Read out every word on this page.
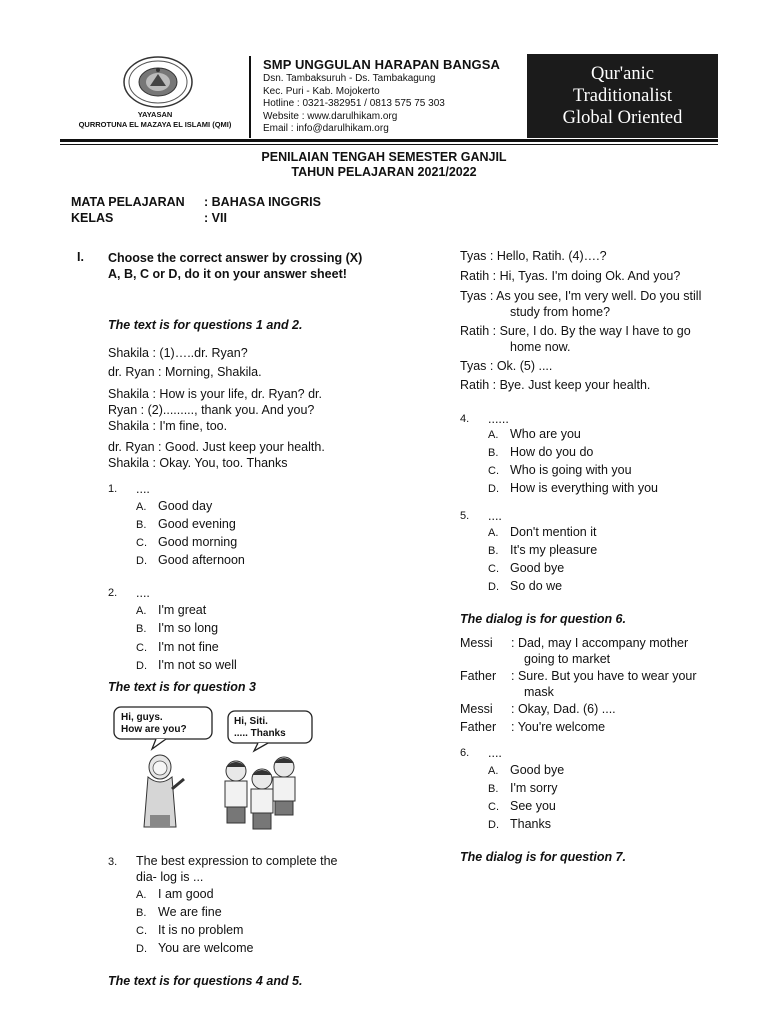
YAYASAN
QURROTUNA EL MAZAYA EL ISLAMI (QMI)
SMP UNGGULAN HARAPAN BANGSA
Dsn. Tambaksuruh - Ds. Tambakagung
Kec. Puri - Kab. Mojokerto
Hotline : 0321-382951 / 0813 575 75 303
Website : www.darulhikam.org
Email : info@darulhikam.org
Qur'anic
Traditionalist
Global Oriented
PENILAIAN TENGAH SEMESTER GANJIL
TAHUN PELAJARAN 2021/2022
MATA PELAJARAN : BAHASA INGGRIS
KELAS	: VII
I. Choose the correct answer by crossing (X) A, B, C or D, do it on your answer sheet!
The text is for questions 1 and 2.
Shakila : (1)…..dr. Ryan?
dr. Ryan : Morning, Shakila.
Shakila : How is your life, dr. Ryan? dr.
Ryan : (2)........., thank you. And you?
Shakila : I'm fine, too.
dr. Ryan : Good. Just keep your health.
Shakila : Okay. You, too. Thanks
1. ....
A. Good day
B. Good evening
C. Good morning
D. Good afternoon
2. ....
A. I'm great
B. I'm so long
C. I'm not fine
D. I'm not so well
The text is for question 3
Hi, guys.
How are you?
Hi, Siti.
..... Thanks
3. The best expression to complete the
dia- log is ...
A. I am good
B. We are fine
C. It is no problem
D. You are welcome
The text is for questions 4 and 5.
Tyas : Hello, Ratih. (4)….?
Ratih : Hi, Tyas. I'm doing Ok. And you?
Tyas : As you see, I'm very well. Do you still
study from home?
Ratih : Sure, I do. By the way I have to go
home now.
Tyas : Ok. (5) ....
Ratih : Bye. Just keep your health.
4. ......
A. Who are you
B. How do you do
C. Who is going with you
D. How is everything with you
5. ....
A. Don't mention it
B. It's my pleasure
C. Good bye
D. So do we
The dialog is for question 6.
Messi : Dad, may I accompany mother
going to market
Father : Sure. But you have to wear your
mask
Messi : Okay, Dad. (6) ....
Father : You're welcome
6. ....
A. Good bye
B. I'm sorry
C. See you
D. Thanks
The dialog is for question 7.
